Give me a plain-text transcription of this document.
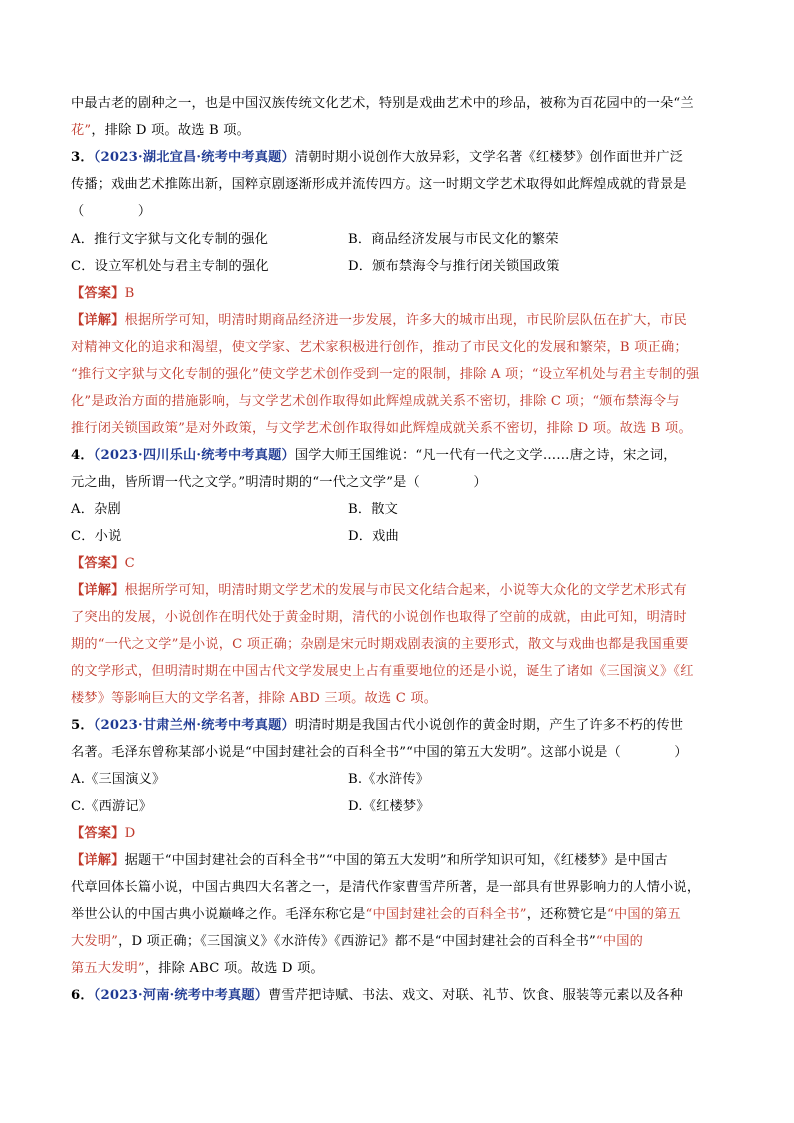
中最古老的剧种之一，也是中国汉族传统文化艺术，特别是戏曲艺术中的珍品，被称为百花园中的一朵“兰
花”，排除 D 项。故选 B 项。
3．（2023·湖北宜昌·统考中考真题）清朝时期小说创作大放异彩，文学名著《红楼梦》创作面世并广泛
传播；戏曲艺术推陈出新，国粹京剧逐渐形成并流传四方。这一时期文学艺术取得如此辉煌成就的背景是
（　　　　）
A．推行文字狱与文化专制的强化	B．商品经济发展与市民文化的繁荣
C．设立军机处与君主专制的强化	D．颁布禁海令与推行闭关锁国政策
【答案】B
【详解】根据所学可知，明清时期商品经济进一步发展，许多大的城市出现，市民阶层队伍在扩大，市民
对精神文化的追求和渴望，使文学家、艺术家积极进行创作，推动了市民文化的发展和繁荣，B 项正确；
“推行文字狱与文化专制的强化”使文学艺术创作受到一定的限制，排除 A 项；“设立军机处与君主专制的强
化”是政治方面的措施影响，与文学艺术创作取得如此辉煌成就关系不密切，排除 C 项；“颁布禁海令与
推行闭关锁国政策”是对外政策，与文学艺术创作取得如此辉煌成就关系不密切，排除 D 项。故选 B 项。
4．（2023·四川乐山·统考中考真题）国学大师王国维说：“凡一代有一代之文学……唐之诗，宋之词，
元之曲，皆所谓一代之文学。”明清时期的“一代之文学”是（　　　　）
A．杂剧	B．散文
C．小说	D．戏曲
【答案】C
【详解】根据所学可知，明清时期文学艺术的发展与市民文化结合起来，小说等大众化的文学艺术形式有
了突出的发展，小说创作在明代处于黄金时期，清代的小说创作也取得了空前的成就，由此可知，明清时
期的“一代之文学”是小说，C 项正确；杂剧是宋元时期戏剧表演的主要形式，散文与戏曲也都是我国重要
的文学形式，但明清时期在中国古代文学发展史上占有重要地位的还是小说，诞生了诸如《三国演义》《红
楼梦》等影响巨大的文学名著，排除 ABD 三项。故选 C 项。
5．（2023·甘肃兰州·统考中考真题）明清时期是我国古代小说创作的黄金时期，产生了许多不朽的传世
名著。毛泽东曾称某部小说是“中国封建社会的百科全书”“中国的第五大发明”。这部小说是（　　　　）
A.《三国演义》	B.《水浒传》
C.《西游记》	D.《红楼梦》
【答案】D
【详解】据题干“中国封建社会的百科全书”“中国的第五大发明”和所学知识可知，《红楼梦》是中国古
代章回体长篇小说，中国古典四大名著之一，是清代作家曹雪芹所著，是一部具有世界影响力的人情小说，
举世公认的中国古典小说巅峰之作。毛泽东称它是“中国封建社会的百科全书”，还称赞它是“中国的第五
大发明”，D 项正确；《三国演义》《水浒传》《西游记》都不是“中国封建社会的百科全书”“中国的
第五大发明”，排除 ABC 项。故选 D 项。
6．（2023·河南·统考中考真题）曹雪芹把诗赋、书法、戏文、对联、礼节、饮食、服装等元素以及各种
